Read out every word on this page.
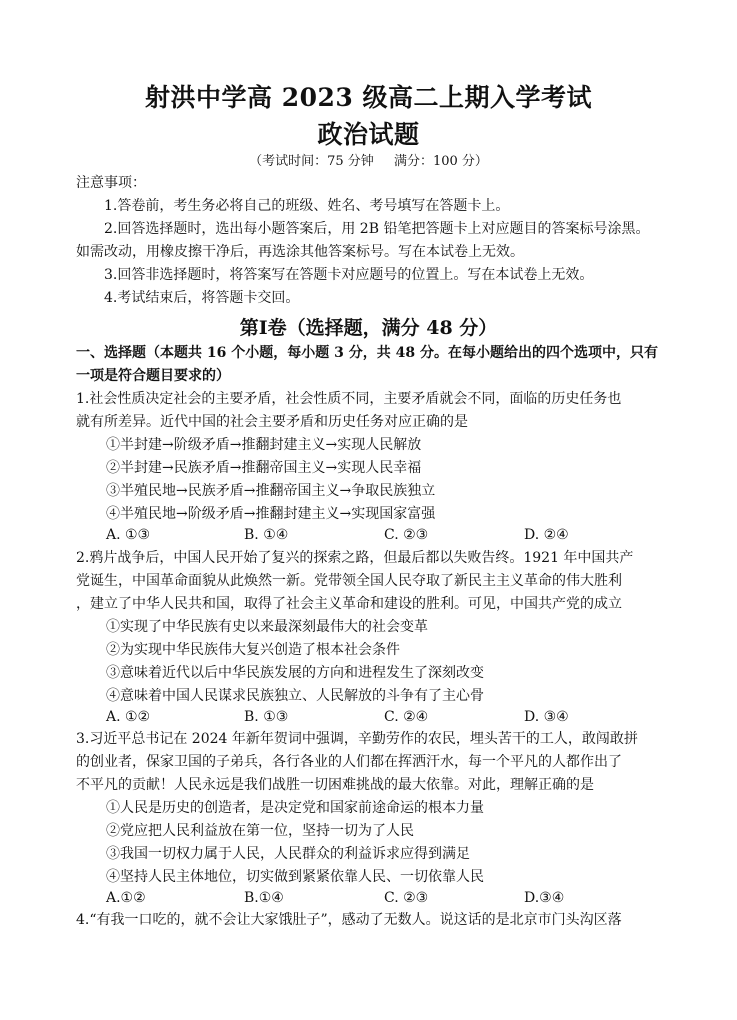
射洪中学高 2023 级高二上期入学考试
政治试题
（考试时间：75 分钟 满分：100 分）
注意事项：
1.答卷前，考生务必将自己的班级、姓名、考号填写在答题卡上。
2.回答选择题时，选出每小题答案后，用 2B 铅笔把答题卡上对应题目的答案标号涂黑。
如需改动，用橡皮擦干净后，再选涂其他答案标号。写在本试卷上无效。
3.回答非选择题时，将答案写在答题卡对应题号的位置上。写在本试卷上无效。
4.考试结束后，将答题卡交回。
第Ⅰ卷（选择题，满分 48 分）
一、选择题（本题共 16 个小题，每小题 3 分，共 48 分。在每小题给出的四个选项中，只有
一项是符合题目要求的）
1.社会性质决定社会的主要矛盾，社会性质不同，主要矛盾就会不同，面临的历史任务也
就有所差异。近代中国的社会主要矛盾和历史任务对应正确的是
①半封建→阶级矛盾→推翻封建主义→实现人民解放
②半封建→民族矛盾→推翻帝国主义→实现人民幸福
③半殖民地→民族矛盾→推翻帝国主义→争取民族独立
④半殖民地→阶级矛盾→推翻封建主义→实现国家富强
A. ①③	B. ①④	C. ②③	D. ②④
2.鸦片战争后，中国人民开始了复兴的探索之路，但最后都以失败告终。1921 年中国共产
党诞生，中国革命面貌从此焕然一新。党带领全国人民夺取了新民主主义革命的伟大胜利
，建立了中华人民共和国，取得了社会主义革命和建设的胜利。可见，中国共产党的成立
①实现了中华民族有史以来最深刻最伟大的社会变革
②为实现中华民族伟大复兴创造了根本社会条件
③意味着近代以后中华民族发展的方向和进程发生了深刻改变
④意味着中国人民谋求民族独立、人民解放的斗争有了主心骨
A. ①②	B. ①③	C. ②④	D. ③④
3.习近平总书记在 2024 年新年贺词中强调，辛勤劳作的农民，埋头苦干的工人，敢闯敢拼
的创业者，保家卫国的子弟兵，各行各业的人们都在挥洒汗水，每一个平凡的人都作出了
不平凡的贡献！人民永远是我们战胜一切困难挑战的最大依靠。对此，理解正确的是
①人民是历史的创造者，是决定党和国家前途命运的根本力量
②党应把人民利益放在第一位，坚持一切为了人民
③我国一切权力属于人民，人民群众的利益诉求应得到满足
④坚持人民主体地位，切实做到紧紧依靠人民、一切依靠人民
A.①②	B.①④	C. ②③	D.③④
4.“有我一口吃的，就不会让大家饿肚子”，感动了无数人。说这话的是北京市门头沟区落
